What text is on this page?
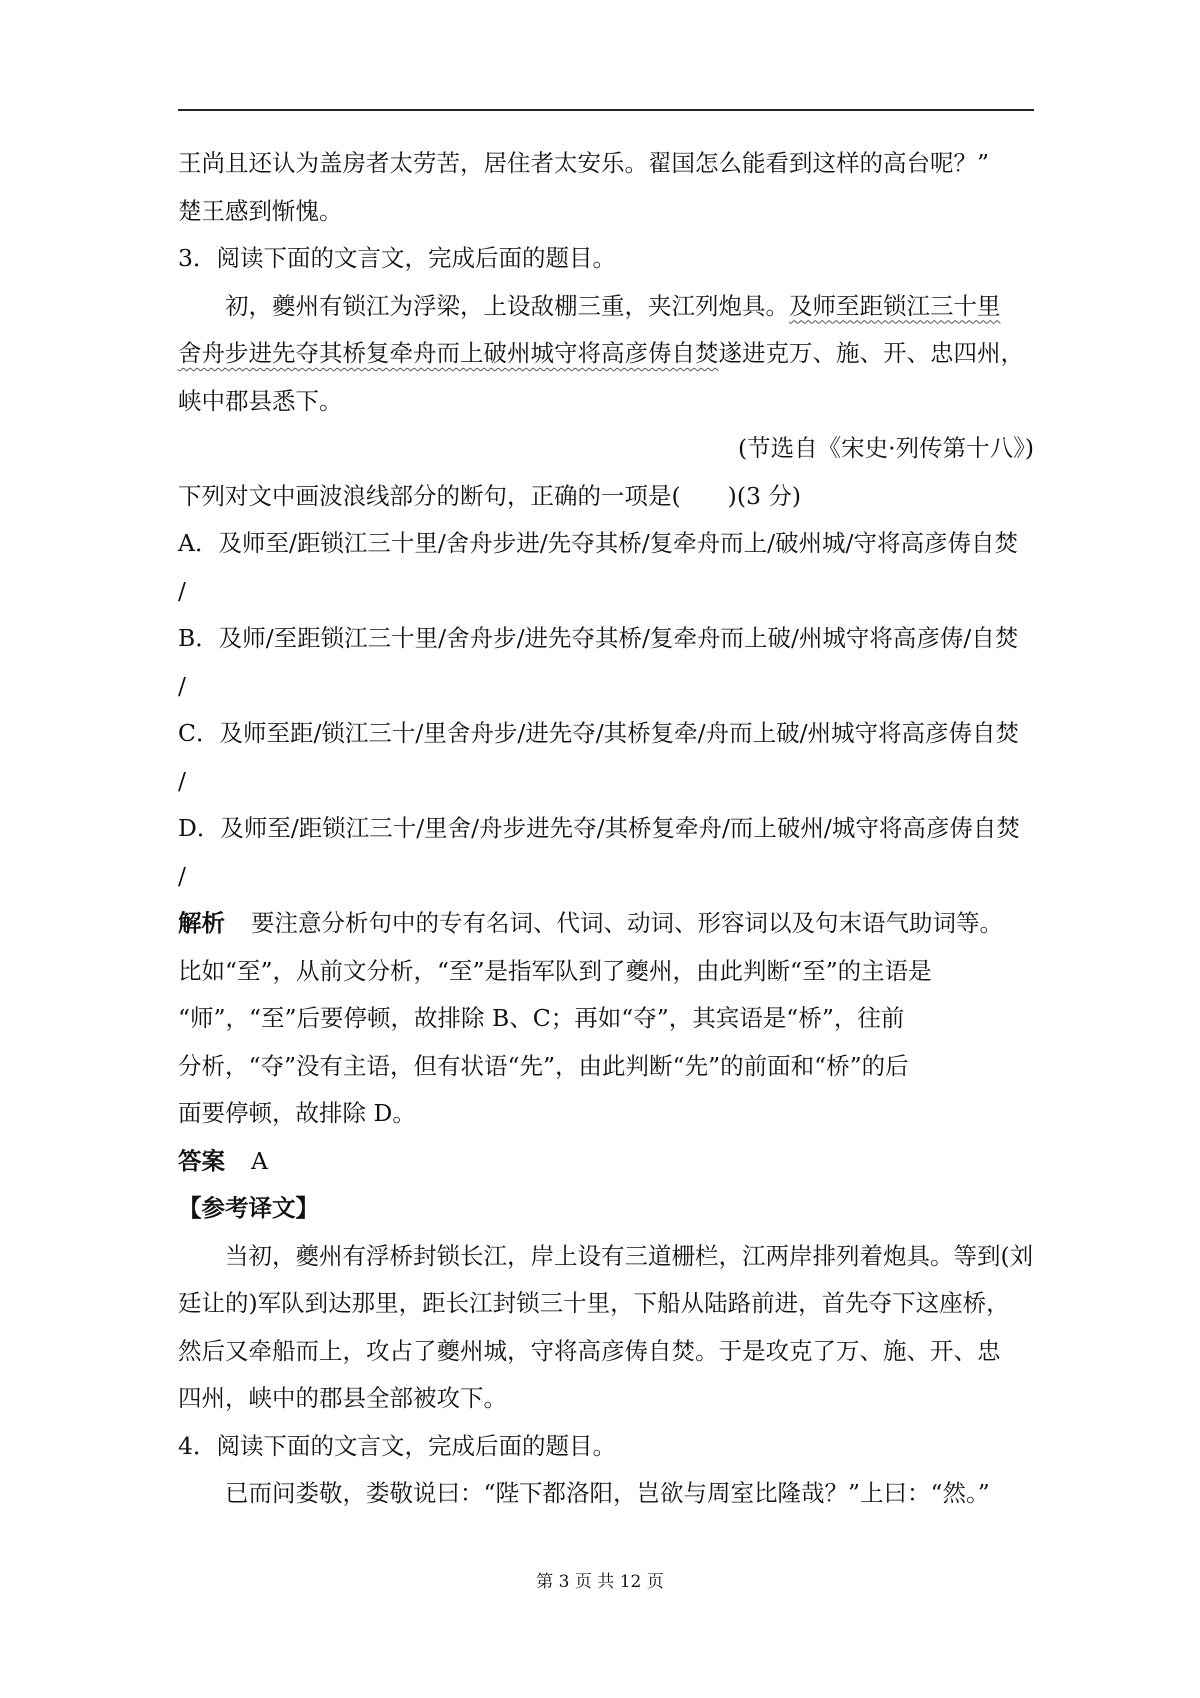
王尚且还认为盖房者太劳苦，居住者太安乐。翟国怎么能看到这样的高台呢？”

楚王感到惭愧。

3．阅读下面的文言文，完成后面的题目。

初，夔州有锁江为浮梁，上设敌棚三重，夹江列炮具。及师至距锁江三十里

舍舟步进先夺其桥复牵舟而上破州城守将高彦俦自焚遂进克万、施、开、忠四州，

峡中郡县悉下。

(节选自《宋史·列传第十八》)

下列对文中画波浪线部分的断句，正确的一项是(　　)(3 分)

A．及师至/距锁江三十里/舍舟步进/先夺其桥/复牵舟而上/破州城/守将高彦俦自焚

/

B．及师/至距锁江三十里/舍舟步/进先夺其桥/复牵舟而上破/州城守将高彦俦/自焚

/

C．及师至距/锁江三十/里舍舟步/进先夺/其桥复牵/舟而上破/州城守将高彦俦自焚

/

D．及师至/距锁江三十/里舍/舟步进先夺/其桥复牵舟/而上破州/城守将高彦俦自焚

/

解析 要注意分析句中的专有名词、代词、动词、形容词以及句末语气助词等。

比如“至”，从前文分析，“至”是指军队到了夔州，由此判断“至”的主语是

“师”，“至”后要停顿，故排除 B、C；再如“夺”，其宾语是“桥”，往前

分析，“夺”没有主语，但有状语“先”，由此判断“先”的前面和“桥”的后

面要停顿，故排除 D。

答案 A

【参考译文】

当初，夔州有浮桥封锁长江，岸上设有三道栅栏，江两岸排列着炮具。等到(刘

廷让的)军队到达那里，距长江封锁三十里，下船从陆路前进，首先夺下这座桥，

然后又牵船而上，攻占了夔州城，守将高彦俦自焚。于是攻克了万、施、开、忠

四州，峡中的郡县全部被攻下。

4．阅读下面的文言文，完成后面的题目。

已而问娄敬，娄敬说曰：“陛下都洛阳，岂欲与周室比隆哉？”上曰：“然。”

第 3 页 共 12 页
